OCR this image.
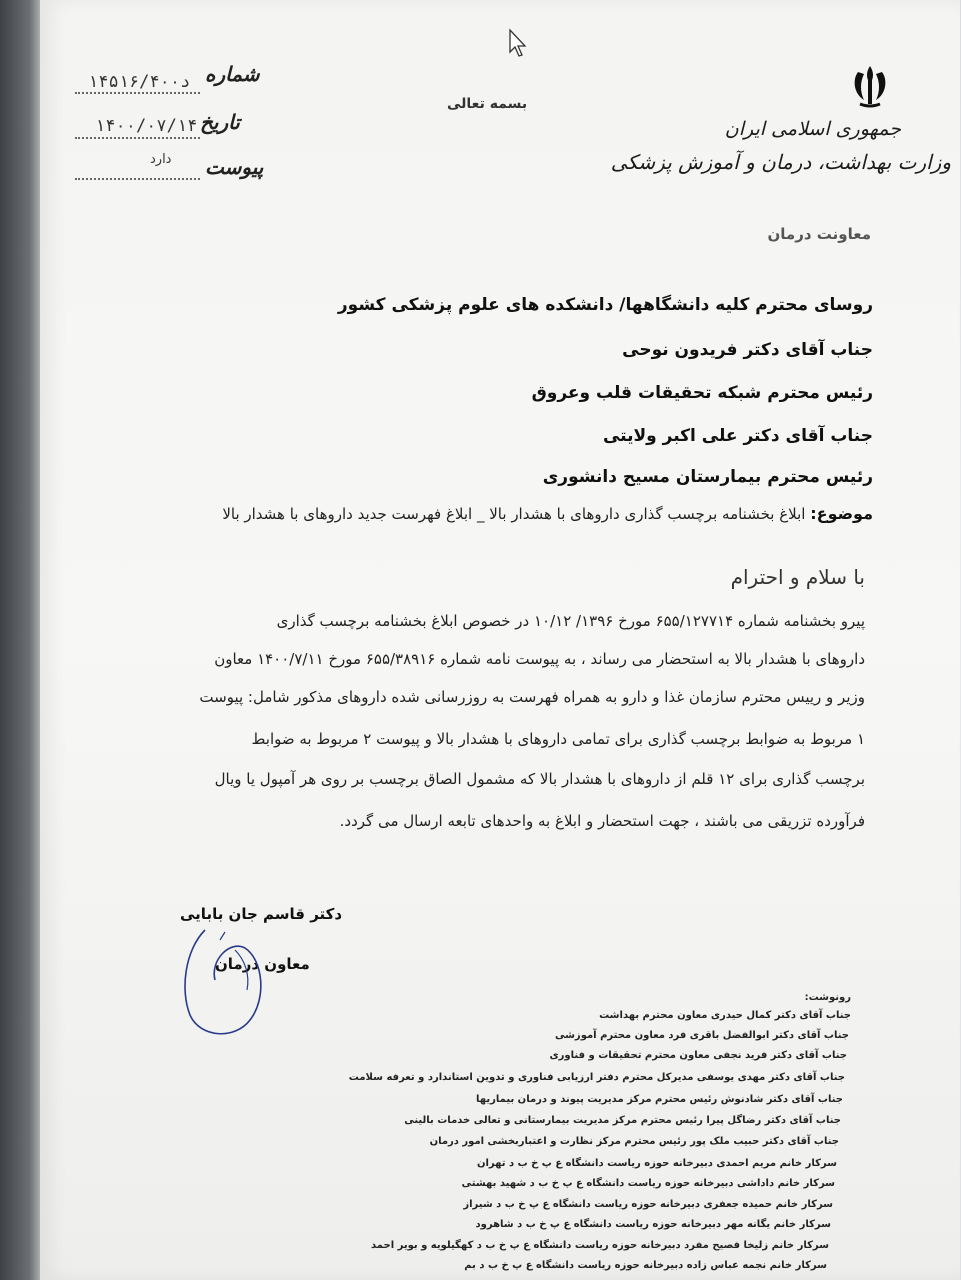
جمهوری اسلامی ایران
وزارت بهداشت، درمان و آموزش پزشکی
معاونت درمان
بسمه تعالی
شماره
تاریخ
پیوست
د۱۴۵۱۶/۴۰۰
۱۴۰۰/۰۷/۱۴
دارد
روسای محترم کلیه دانشگاهها/ دانشکده های علوم پزشکی کشور
جناب آقای دکتر فریدون نوحی
رئیس محترم شبکه تحقیقات قلب وعروق
جناب آقای دکتر علی اکبر ولایتی
رئیس محترم بیمارستان مسیح دانشوری
موضوع: ابلاغ بخشنامه برچسب گذاری داروهای با هشدار بالا _ ابلاغ فهرست جدید داروهای با هشدار بالا
با سلام و احترام
پیرو بخشنامه شماره ۶۵۵/۱۲۷۷۱۴ مورخ ۱۳۹۶/ ۱۰/۱۲ در خصوص ابلاغ بخشنامه برچسب گذاری
داروهای با هشدار بالا به استحضار می رساند ، به پیوست نامه شماره ۶۵۵/۳۸۹۱۶ مورخ ۱۴۰۰/۷/۱۱ معاون
وزیر و رییس محترم سازمان غذا و دارو به همراه فهرست به روزرسانی شده داروهای مذکور شامل: پیوست
۱ مربوط به ضوابط برچسب گذاری برای تمامی داروهای با هشدار بالا و پیوست ۲ مربوط به ضوابط
برچسب گذاری برای ۱۲ قلم از داروهای با هشدار بالا که مشمول الصاق برچسب بر روی هر آمپول یا ویال
فرآورده تزریقی می باشند ، جهت استحضار و ابلاغ به واحدهای تابعه ارسال می گردد.
دکتر قاسم جان بابایی
معاون درمان
رونوشت:
جناب آقای دکتر کمال حیدری معاون محترم بهداشت
جناب آقای دکتر ابوالفضل باقری فرد معاون محترم آموزشی
جناب آقای دکتر فرید نجفی معاون محترم تحقیقات و فناوری
جناب آقای دکتر مهدی یوسفی مدیرکل محترم دفتر ارزیابی فناوری و تدوین استاندارد و تعرفه سلامت
جناب آقای دکتر شادنوش رئیس محترم مرکز مدیریت پیوند و درمان بیماریها
جناب آقای دکتر رضاگل پیرا رئیس محترم مرکز مدیریت بیمارستانی و تعالی خدمات بالینی
جناب آقای دکتر حبیب ملک پور رئیس محترم مرکز نظارت و اعتباربخشی امور درمان
سرکار خانم مریم احمدی دبیرخانه حوزه ریاست دانشگاه ع پ خ ب د تهران
سرکار خانم داداشی دبیرخانه حوزه ریاست دانشگاه ع پ خ ب د شهید بهشتی
سرکار خانم حمیده جعفری دبیرخانه حوزه ریاست دانشگاه ع پ خ ب د شیراز
سرکار خانم یگانه مهر دبیرخانه حوزه ریاست دانشگاه ع پ خ ب د شاهرود
سرکار خانم زلیخا فصیح مفرد دبیرخانه حوزه ریاست دانشگاه ع پ خ ب د کهگیلویه و بویر احمد
سرکار خانم نجمه عباس زاده دبیرخانه حوزه ریاست دانشگاه ع پ خ ب د بم
